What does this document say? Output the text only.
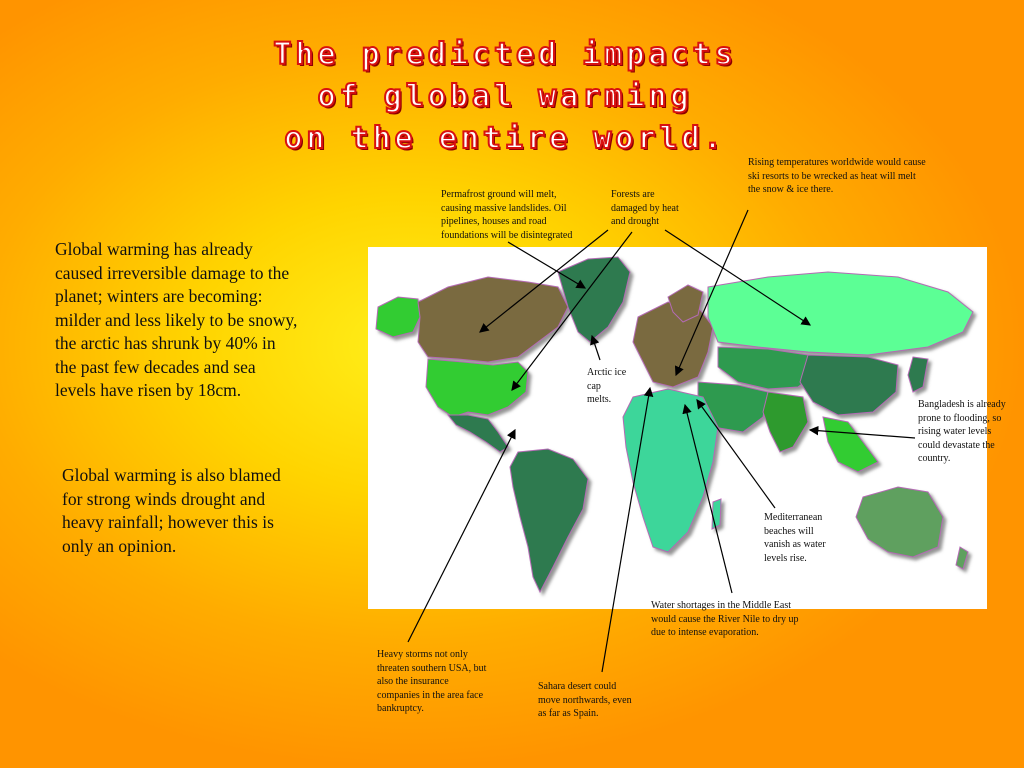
The predicted impacts
of global warming
on the entire world.
Global warming has already caused irreversible damage to the planet; winters are becoming: milder and less likely to be snowy, the arctic has shrunk by 40% in the past few decades and sea levels have risen by 18cm.
Global warming is also blamed for strong winds drought and heavy rainfall; however this is only an opinion.
Permafrost ground will melt, causing massive landslides. Oil pipelines, houses and road foundations will be disintegrated
Forests are damaged by heat and drought
Rising temperatures worldwide would cause ski resorts to be wrecked as heat will melt the snow & ice there.
Arctic ice cap melts.	Bangladesh is already prone to flooding, so rising water levels could devastate the country.
Mediterranean beaches will vanish as water levels rise.
Water shortages in the Middle East would cause the River Nile to dry up due to intense evaporation.
Heavy storms not only threaten southern USA, but also the insurance companies in the area face bankruptcy.
Sahara desert could move northwards, even as far as Spain.
